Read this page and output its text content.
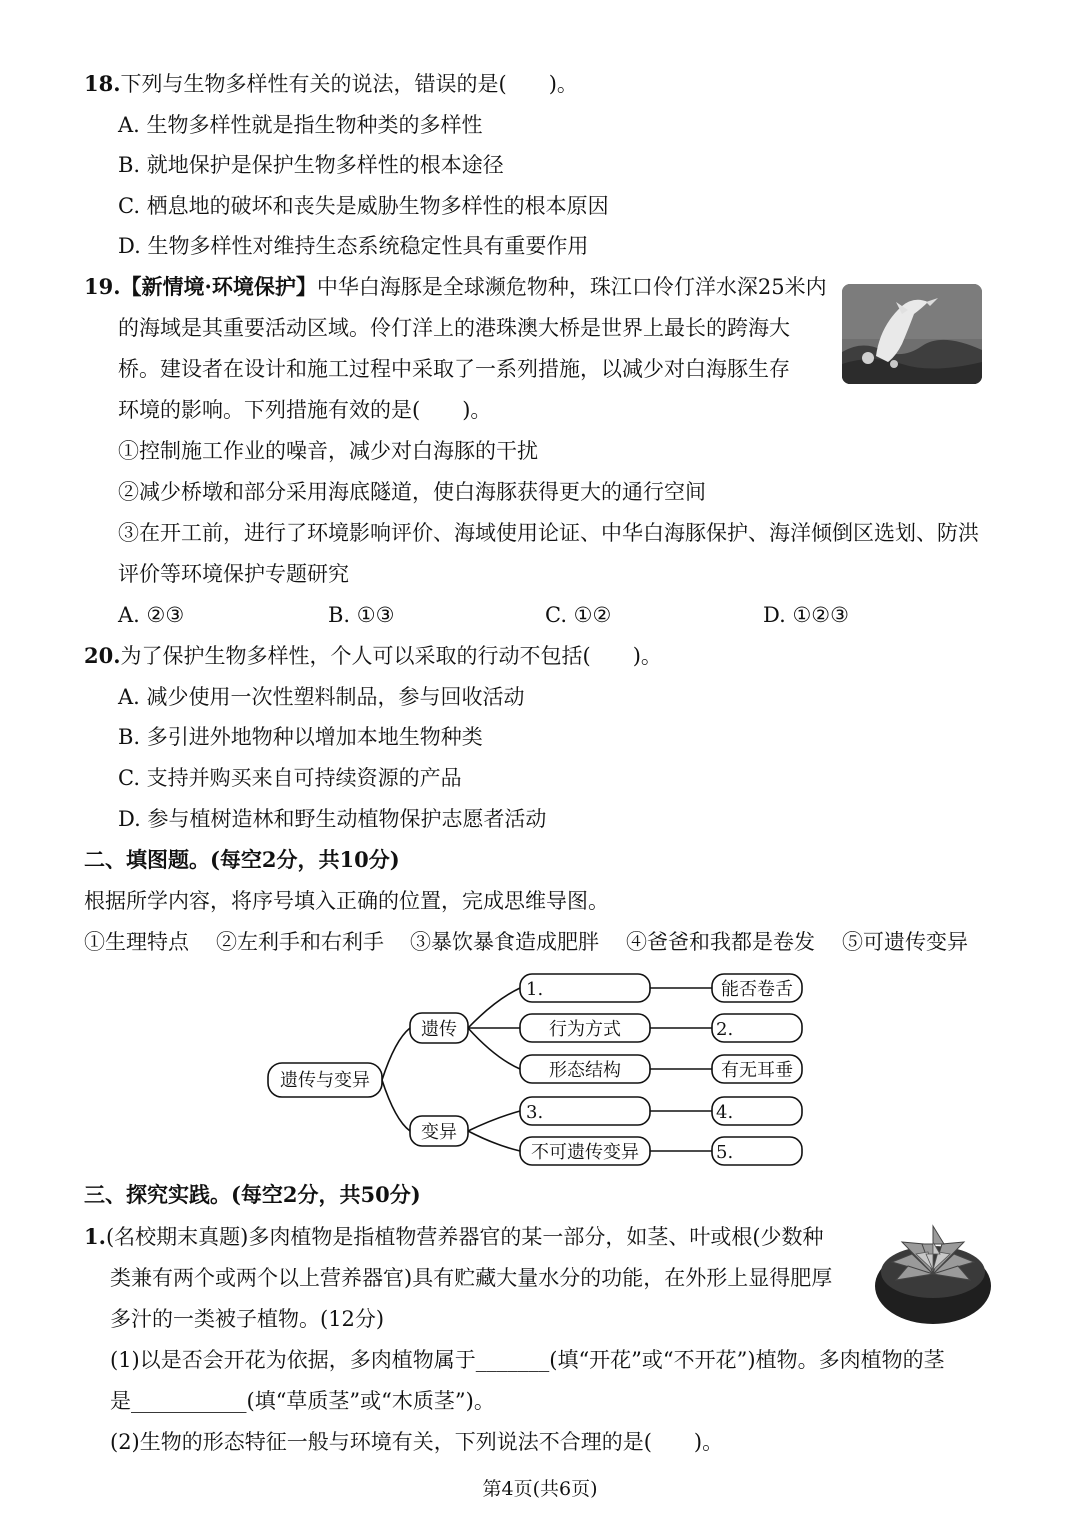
18.下列与生物多样性有关的说法，错误的是(　　)。
A. 生物多样性就是指生物种类的多样性
B. 就地保护是保护生物多样性的根本途径
C. 栖息地的破坏和丧失是威胁生物多样性的根本原因
D. 生物多样性对维持生态系统稳定性具有重要作用
19.【新情境·环境保护】中华白海豚是全球濒危物种，珠江口伶仃洋水深25米内
的海域是其重要活动区域。伶仃洋上的港珠澳大桥是世界上最长的跨海大
桥。建设者在设计和施工过程中采取了一系列措施，以减少对白海豚生存
环境的影响。下列措施有效的是(　　)。
①控制施工作业的噪音，减少对白海豚的干扰
②减少桥墩和部分采用海底隧道，使白海豚获得更大的通行空间
③在开工前，进行了环境影响评价、海域使用论证、中华白海豚保护、海洋倾倒区选划、防洪
评价等环境保护专题研究
A. ②③	B. ①③	C. ①②	D. ①②③
20.为了保护生物多样性，个人可以采取的行动不包括(　　)。
A. 减少使用一次性塑料制品，参与回收活动
B. 多引进外地物种以增加本地生物种类
C. 支持并购买来自可持续资源的产品
D. 参与植树造林和野生动植物保护志愿者活动
二、填图题。(每空2分，共10分)
根据所学内容，将序号填入正确的位置，完成思维导图。
①生理特点 ②左利手和右利手 ③暴饮暴食造成肥胖 ④爸爸和我都是卷发 ⑤可遗传变异
遗传与变异
遗传
变异
1.
行为方式
形态结构
3.
不可遗传变异
能否卷舌
2.
有无耳垂
4.
5.
三、探究实践。(每空2分，共50分)
1.(名校期末真题)多肉植物是指植物营养器官的某一部分，如茎、叶或根(少数种
类兼有两个或两个以上营养器官)具有贮藏大量水分的功能，在外形上显得肥厚
多汁的一类被子植物。(12分)
(1)以是否会开花为依据，多肉植物属于_______(填“开花”或“不开花”)植物。多肉植物的茎
是___________(填“草质茎”或“木质茎”)。
(2)生物的形态特征一般与环境有关，下列说法不合理的是(　　)。
第4页(共6页)
